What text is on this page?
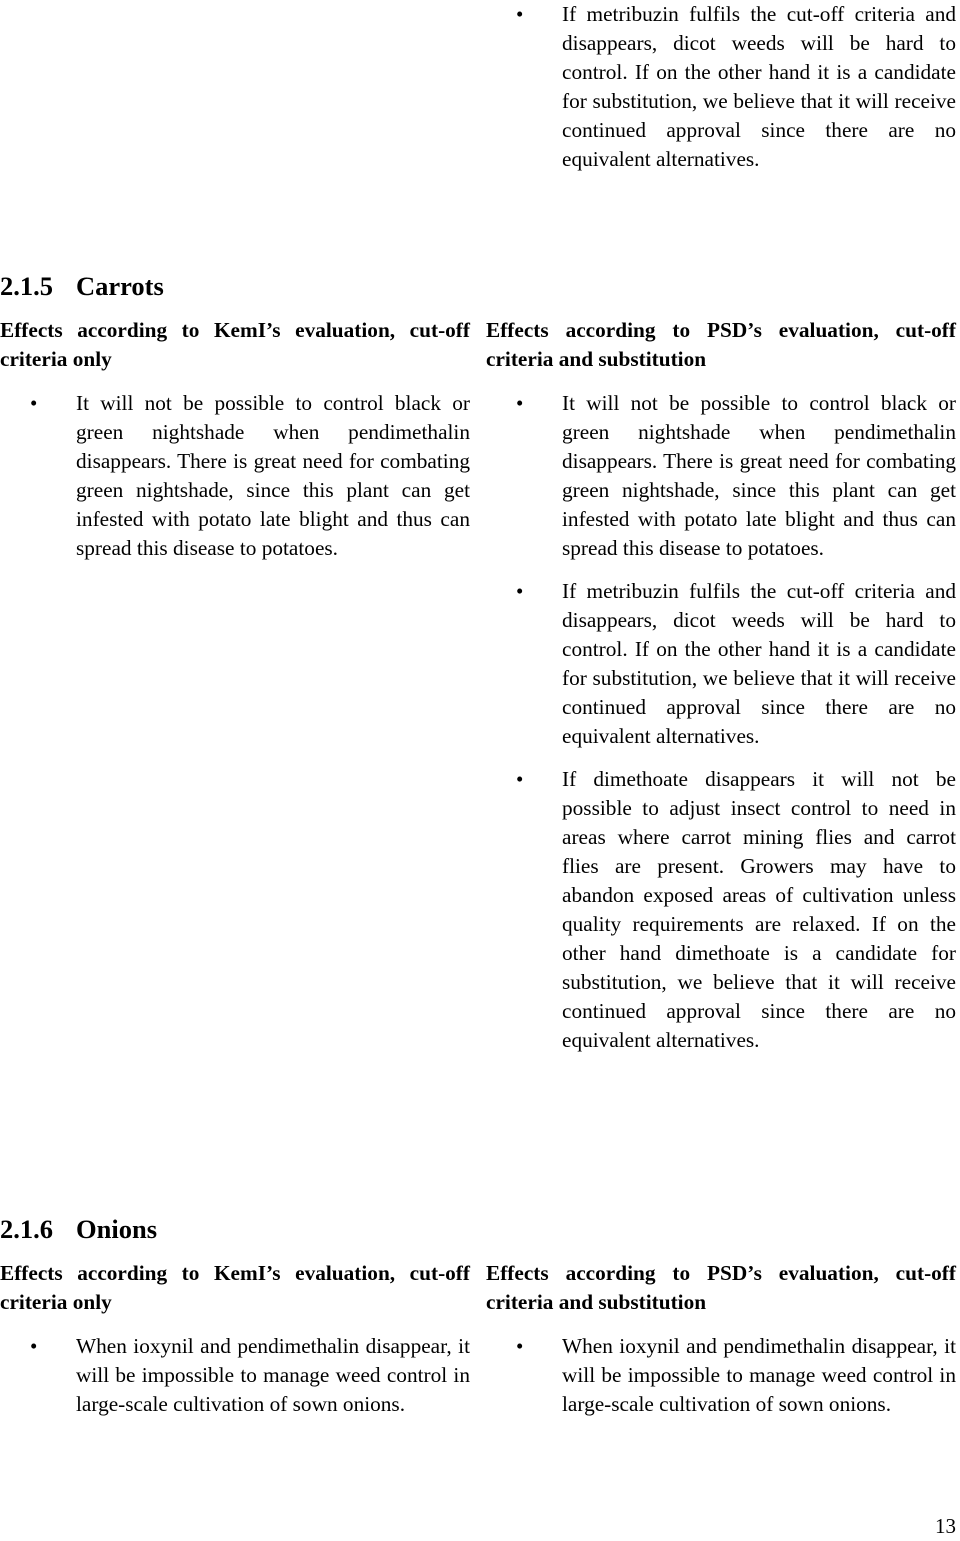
• If metribuzin fulfils the cut-off criteria and disappears, dicot weeds will be hard to control. If on the other hand it is a candidate for substitution, we believe that it will receive continued approval since there are no equivalent alternatives.
2.1.5 Carrots
Effects according to KemI’s evaluation, cut-off criteria only
Effects according to PSD’s evaluation, cut-off criteria and substitution
• It will not be possible to control black or green nightshade when pendimethalin disappears. There is great need for combating green nightshade, since this plant can get infested with potato late blight and thus can spread this disease to potatoes.
• It will not be possible to control black or green nightshade when pendimethalin disappears. There is great need for combating green nightshade, since this plant can get infested with potato late blight and thus can spread this disease to potatoes.
• If metribuzin fulfils the cut-off criteria and disappears, dicot weeds will be hard to control. If on the other hand it is a candidate for substitution, we believe that it will receive continued approval since there are no equivalent alternatives.
• If dimethoate disappears it will not be possible to adjust insect control to need in areas where carrot mining flies and carrot flies are present. Growers may have to abandon exposed areas of cultivation unless quality requirements are relaxed. If on the other hand dimethoate is a candidate for substitution, we believe that it will receive continued approval since there are no equivalent alternatives.
2.1.6 Onions
Effects according to KemI’s evaluation, cut-off criteria only
Effects according to PSD’s evaluation, cut-off criteria and substitution
• When ioxynil and pendimethalin disappear, it will be impossible to manage weed control in large-scale cultivation of sown onions.
• When ioxynil and pendimethalin disappear, it will be impossible to manage weed control in large-scale cultivation of sown onions.
13
